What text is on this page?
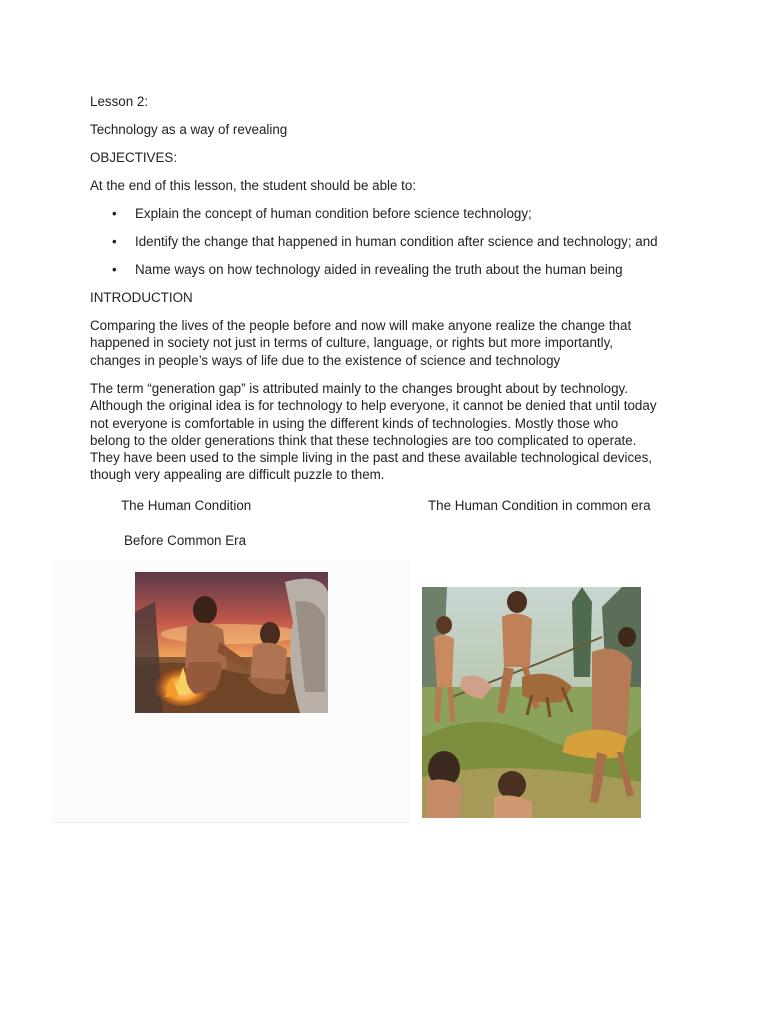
Lesson 2:
Technology as a way of revealing
OBJECTIVES:
At the end of this lesson, the student should be able to:
• Explain the concept of human condition before science technology;
• Identify the change that happened in human condition after science and technology; and
• Name ways on how technology aided in revealing the truth about the human being
INTRODUCTION
Comparing the lives of the people before and now will make anyone realize the change that
happened in society not just in terms of culture, language, or rights but more importantly,
changes in people’s ways of life due to the existence of science and technology
The term “generation gap” is attributed mainly to the changes brought about by technology.
Although the original idea is for technology to help everyone, it cannot be denied that until today
not everyone is comfortable in using the different kinds of technologies. Mostly those who
belong to the older generations think that these technologies are too complicated to operate.
They have been used to the simple living in the past and these available technological devices,
though very appealing are difficult puzzle to them.
The Human Condition	The Human Condition in common era
Before Common Era
